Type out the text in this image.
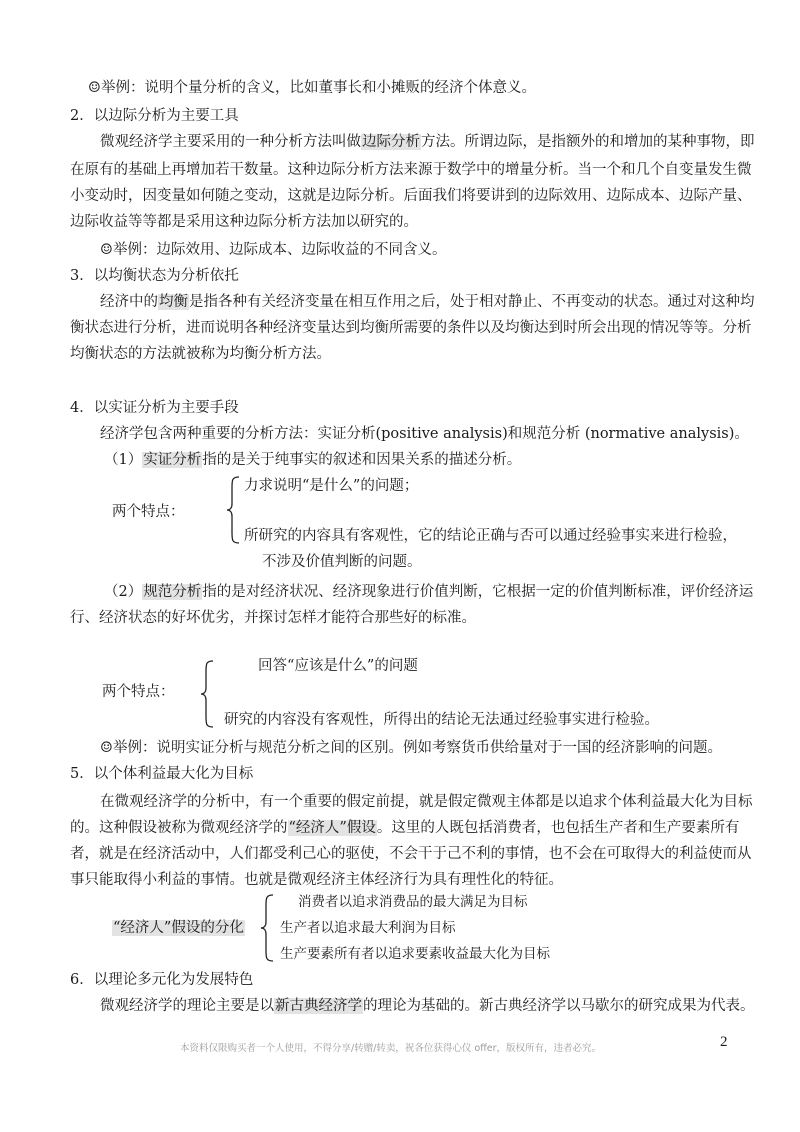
☺举例：说明个量分析的含义，比如董事长和小摊贩的经济个体意义。
2．以边际分析为主要工具
微观经济学主要采用的一种分析方法叫做边际分析方法。所谓边际，是指额外的和增加的某种事物，即
在原有的基础上再增加若干数量。这种边际分析方法来源于数学中的增量分析。当一个和几个自变量发生微
小变动时，因变量如何随之变动，这就是边际分析。后面我们将要讲到的边际效用、边际成本、边际产量、
边际收益等等都是采用这种边际分析方法加以研究的。
☺举例：边际效用、边际成本、边际收益的不同含义。
3．以均衡状态为分析依托
经济中的均衡是指各种有关经济变量在相互作用之后，处于相对静止、不再变动的状态。通过对这种均
衡状态进行分析，进而说明各种经济变量达到均衡所需要的条件以及均衡达到时所会出现的情况等等。分析
均衡状态的方法就被称为均衡分析方法。
4．以实证分析为主要手段
经济学包含两种重要的分析方法：实证分析(positive analysis)和规范分析 (normative analysis)。
（1）实证分析指的是关于纯事实的叙述和因果关系的描述分析。
两个特点：
力求说明“是什么”的问题；
所研究的内容具有客观性，它的结论正确与否可以通过经验事实来进行检验，
不涉及价值判断的问题。
（2）规范分析指的是对经济状况、经济现象进行价值判断，它根据一定的价值判断标准，评价经济运
行、经济状态的好坏优劣，并探讨怎样才能符合那些好的标准。
两个特点：
回答“应该是什么”的问题
研究的内容没有客观性，所得出的结论无法通过经验事实进行检验。
☺举例：说明实证分析与规范分析之间的区别。例如考察货币供给量对于一国的经济影响的问题。
5．以个体利益最大化为目标
在微观经济学的分析中，有一个重要的假定前提，就是假定微观主体都是以追求个体利益最大化为目标
的。这种假设被称为微观经济学的“经济人”假设。这里的人既包括消费者，也包括生产者和生产要素所有
者，就是在经济活动中，人们都受利己心的驱使，不会干于己不利的事情，也不会在可取得大的利益使而从
事只能取得小利益的事情。也就是微观经济主体经济行为具有理性化的特征。
“经济人”假设的分化
消费者以追求消费品的最大满足为目标
生产者以追求最大利润为目标
生产要素所有者以追求要素收益最大化为目标
6．以理论多元化为发展特色
微观经济学的理论主要是以新古典经济学的理论为基础的。新古典经济学以马歇尔的研究成果为代表。

本资料仅限购买者一个人使用，不得分享/转赠/转卖，祝各位获得心仪 offer，版权所有，违者必究。	2
